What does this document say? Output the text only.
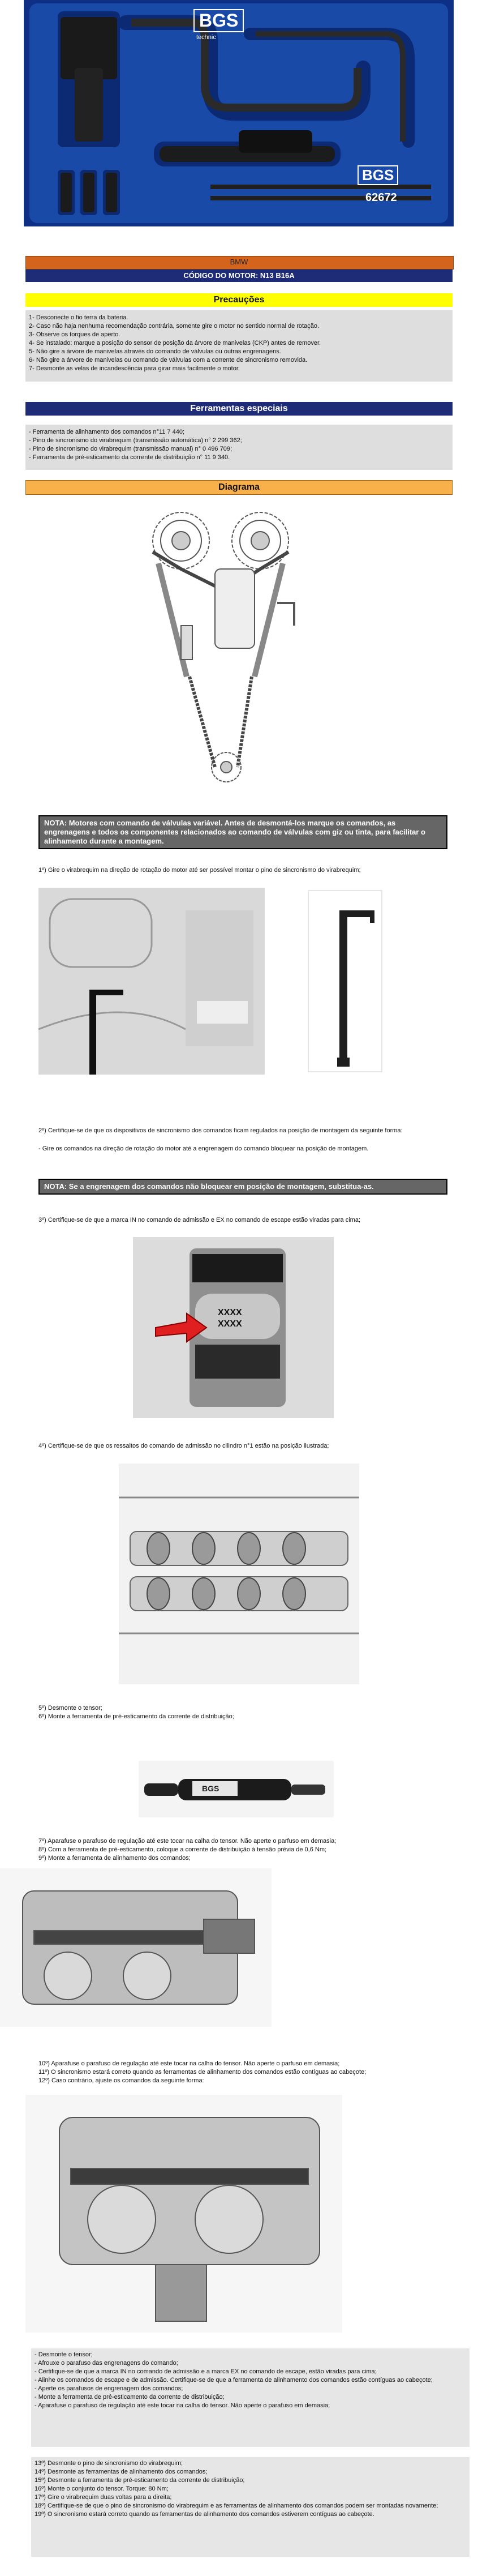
BGS
technic
BGS
62672
BMW
CÓDIGO DO MOTOR: N13 B16A
Precauções

1- Desconecte o fio terra da bateria.

2- Caso não haja nenhuma recomendação contrária, somente gire o motor no sentido normal de rotação.

3- Observe os torques de aperto.

4- Se instalado: marque a posição do sensor de posição da árvore de manivelas (CKP) antes de remover.

5- Não gire a árvore de manivelas através do comando de válvulas ou outras engrenagens.

6- Não gire a árvore de manivelas ou comando de válvulas com a corrente de sincronismo removida.

7- Desmonte as velas de incandescência para girar mais facilmente o motor.

Ferramentas especiais

- Ferramenta de alinhamento dos comandos n°11 7 440;

- Pino de sincronismo do virabrequim (transmissão automática) n° 2 299 362;

- Pino de sincronismo do virabrequim (transmissão manual) n° 0 496 709;

- Ferramenta de pré-esticamento da corrente de distribuição n° 11 9 340.

Diagrama
NOTA: Motores com comando de válvulas variável. Antes de desmontá-los marque os comandos, as engrenagens e todos os componentes relacionados ao comando de válvulas com giz ou tinta, para facilitar o alinhamento durante a montagem.
1º) Gire o virabrequim na direção de rotação do motor até ser possível montar o pino de sincronismo do virabrequim;
2º) Certifique-se de que os dispositivos de sincronismo dos comandos ficam regulados na posição de montagem da seguinte forma:
- Gire os comandos na direção de rotação do motor até a engrenagem do comando bloquear na posição de montagem.
NOTA: Se a engrenagem dos comandos não bloquear em posição de montagem, substitua-as.
3º) Certifique-se de que a marca IN no comando de admissão e EX no comando de escape estão viradas para cima;
XXXX
XXXX
4º) Certifique-se de que os ressaltos do comando de admissão no cilindro n°1 estão na posição ilustrada;
5º) Desmonte o tensor;
6º) Monte a ferramenta de pré-esticamento da corrente de distribuição;
BGS
7º) Aparafuse o parafuso de regulação até este tocar na calha do tensor. Não aperte o parfuso em demasia;
8º) Com a ferramenta de pré-esticamento, coloque a corrente de distribuição à tensão prévia de 0,6 Nm;
9º) Monte a ferramenta de alinhamento dos comandos;
10º) Aparafuse o parafuso de regulação até este tocar na calha do tensor. Não aperte o parfuso em demasia;
11º) O sincronismo estará correto quando as ferramentas de alinhamento dos comandos estão contíguas ao cabeçote;
12º) Caso contrário, ajuste os comandos da seguinte forma:

- Desmonte o tensor;

- Afrouxe o parafuso das engrenagens do comando;

- Certifique-se de que a marca IN no comando de admissão e a marca EX no comando de escape, estão viradas para cima;

- Alinhe os comandos de escape e de admissão. Certifique-se de que a ferramenta de alinhamento dos comandos estão contíguas ao cabeçote;

- Aperte os parafusos de engrenagem dos comandos;

- Monte a ferramenta de pré-esticamento da corrente de distribuição;

- Aparafuse o parafuso de regulação até este tocar na calha do tensor. Não aperte o parafuso em demasia;

13º) Desmonte o pino de sincronismo do virabrequim;

14º) Desmonte as ferramentas de alinhamento dos comandos;

15º) Desmonte a ferramenta de pré-esticamento da corrente de distribuição;

16º) Monte o conjunto do tensor. Torque: 80 Nm;

17º) Gire o virabrequim duas voltas para a direita;

18º) Certifique-se de que o pino de sincronismo do virabrequim e as ferramentas de alinhamento dos comandos podem ser montadas novamente;

19º) O sincronismo estará correto quando as ferramentas de alinhamento dos comandos estiverem contíguas ao cabeçote.
